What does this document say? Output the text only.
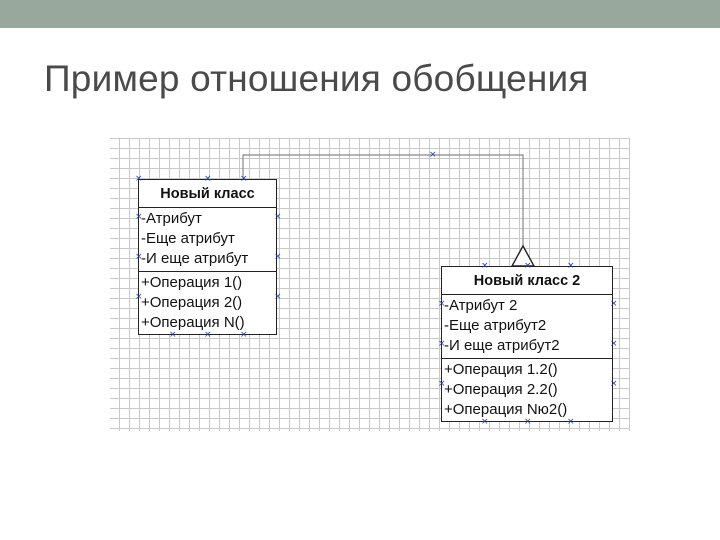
Пример отношения обобщения
Новый класс
-Атрибут
-Еще атрибут
-И еще атрибут
+Операция 1()
+Операция 2()
+Операция N()
Новый класс 2
-Атрибут 2
-Еще атрибут2
-И еще атрибут2
+Операция 1.2()
+Операция 2.2()
+Операция Nю2()
×	×	×
×	×
×	×
×	×
×	×	×
×
×	×	×
×	×
×	×
×	×
×	×	×
